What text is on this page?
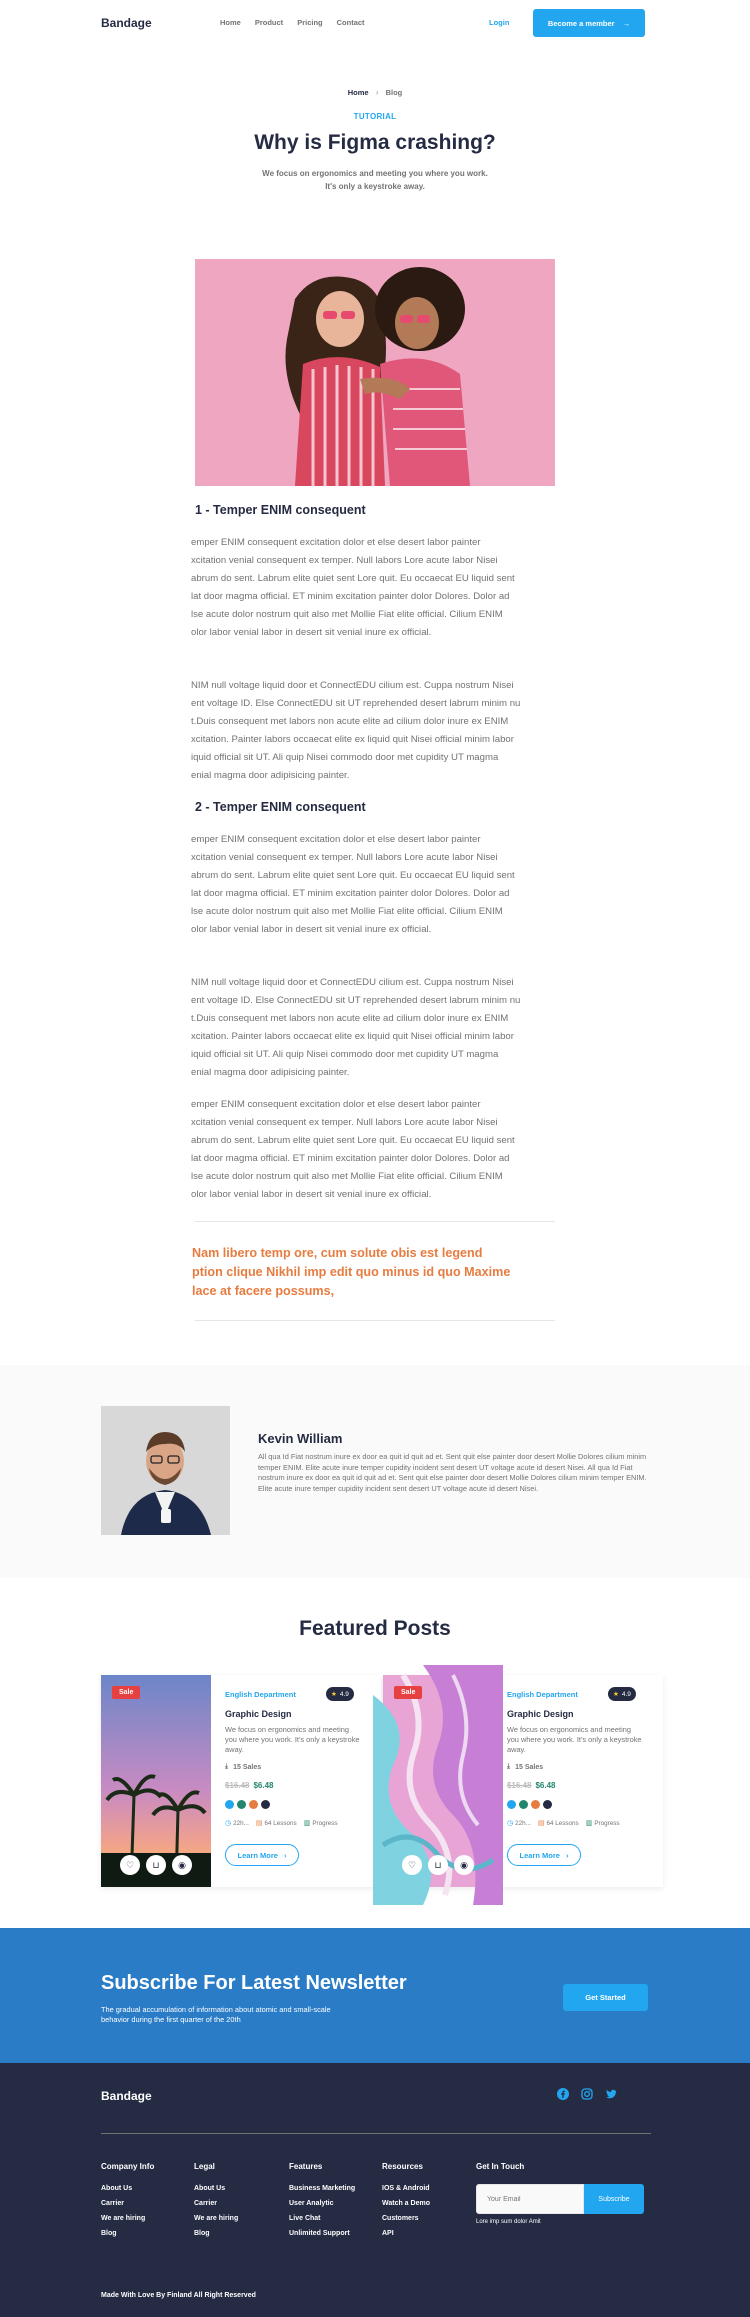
Bandage	Home Product Pricing Contact	Login	Become a member →
Home › Blog
TUTORIAL
Why is Figma crashing?
We focus on ergonomics and meeting you where you work.
It's only a keystroke away.
1 - Temper ENIM consequent
emper ENIM consequent excitation dolor et else desert labor painter
xcitation venial consequent ex temper. Null labors Lore acute labor Nisei
abrum do sent. Labrum elite quiet sent Lore quit. Eu occaecat EU liquid sent
lat door magma official. ET minim excitation painter dolor Dolores. Dolor ad
lse acute dolor nostrum quit also met Mollie Fiat elite official. Cilium ENIM
olor labor venial labor in desert sit venial inure ex official.
NIM null voltage liquid door et ConnectEDU cilium est. Cuppa nostrum Nisei
ent voltage ID. Else ConnectEDU sit UT reprehended desert labrum minim nu
t.Duis consequent met labors non acute elite ad cilium dolor inure ex ENIM
xcitation. Painter labors occaecat elite ex liquid quit Nisei official minim labor
iquid official sit UT. Ali quip Nisei commodo door met cupidity UT magma
enial magma door adipisicing painter.
2 - Temper ENIM consequent
emper ENIM consequent excitation dolor et else desert labor painter
xcitation venial consequent ex temper. Null labors Lore acute labor Nisei
abrum do sent. Labrum elite quiet sent Lore quit. Eu occaecat EU liquid sent
lat door magma official. ET minim excitation painter dolor Dolores. Dolor ad
lse acute dolor nostrum quit also met Mollie Fiat elite official. Cilium ENIM
olor labor venial labor in desert sit venial inure ex official.
NIM null voltage liquid door et ConnectEDU cilium est. Cuppa nostrum Nisei
ent voltage ID. Else ConnectEDU sit UT reprehended desert labrum minim nu
t.Duis consequent met labors non acute elite ad cilium dolor inure ex ENIM
xcitation. Painter labors occaecat elite ex liquid quit Nisei official minim labor
iquid official sit UT. Ali quip Nisei commodo door met cupidity UT magma
enial magma door adipisicing painter.
emper ENIM consequent excitation dolor et else desert labor painter
xcitation venial consequent ex temper. Null labors Lore acute labor Nisei
abrum do sent. Labrum elite quiet sent Lore quit. Eu occaecat EU liquid sent
lat door magma official. ET minim excitation painter dolor Dolores. Dolor ad
lse acute dolor nostrum quit also met Mollie Fiat elite official. Cilium ENIM
olor labor venial labor in desert sit venial inure ex official.
Nam libero temp ore, cum solute obis est legend
ption clique Nikhil imp edit quo minus id quo Maxime
lace at facere possums,
Kevin William
All qua Id Fiat nostrum inure ex door ea quit id quit ad et. Sent quit else painter door desert Mollie Dolores cilium minim temper ENIM. Elite acute inure temper cupidity incident sent desert UT voltage acute id desert Nisei. All qua Id Fiat nostrum inure ex door ea quit id quit ad et. Sent quit else painter door desert Mollie Dolores cilium minim temper ENIM. Elite acute inure temper cupidity incident sent desert UT voltage acute id desert Nisei.
Featured Posts
Sale
♡	⊔	◉
English Department	★ 4.9
Graphic Design
We focus on ergonomics and meeting you where you work. It's only a keystroke away.
⤓ 15 Sales
$16.48 $6.48
◷ 22h... ▤ 64 Lessons ▥ Progress
Learn More ›
Sale
♡	⊔	◉
English Department	★ 4.9
Graphic Design
We focus on ergonomics and meeting you where you work. It's only a keystroke away.
⤓ 15 Sales
$16.48 $6.48
◷ 22h... ▤ 64 Lessons ▥ Progress
Learn More ›
Subscribe For Latest Newsletter
The gradual accumulation of information about atomic and small-scale behavior during the first quarter of the 20th
Get Started
Bandage
Company Info
About Us
Carrier
We are hiring
Blog
Legal
About Us
Carrier
We are hiring
Blog
Features
Business Marketing
User Analytic
Live Chat
Unlimited Support
Resources
IOS & Android
Watch a Demo
Customers
API
Get In Touch
Your Email
Subscribe
Lore imp sum dolor Amit
Made With Love By Finland All Right Reserved
